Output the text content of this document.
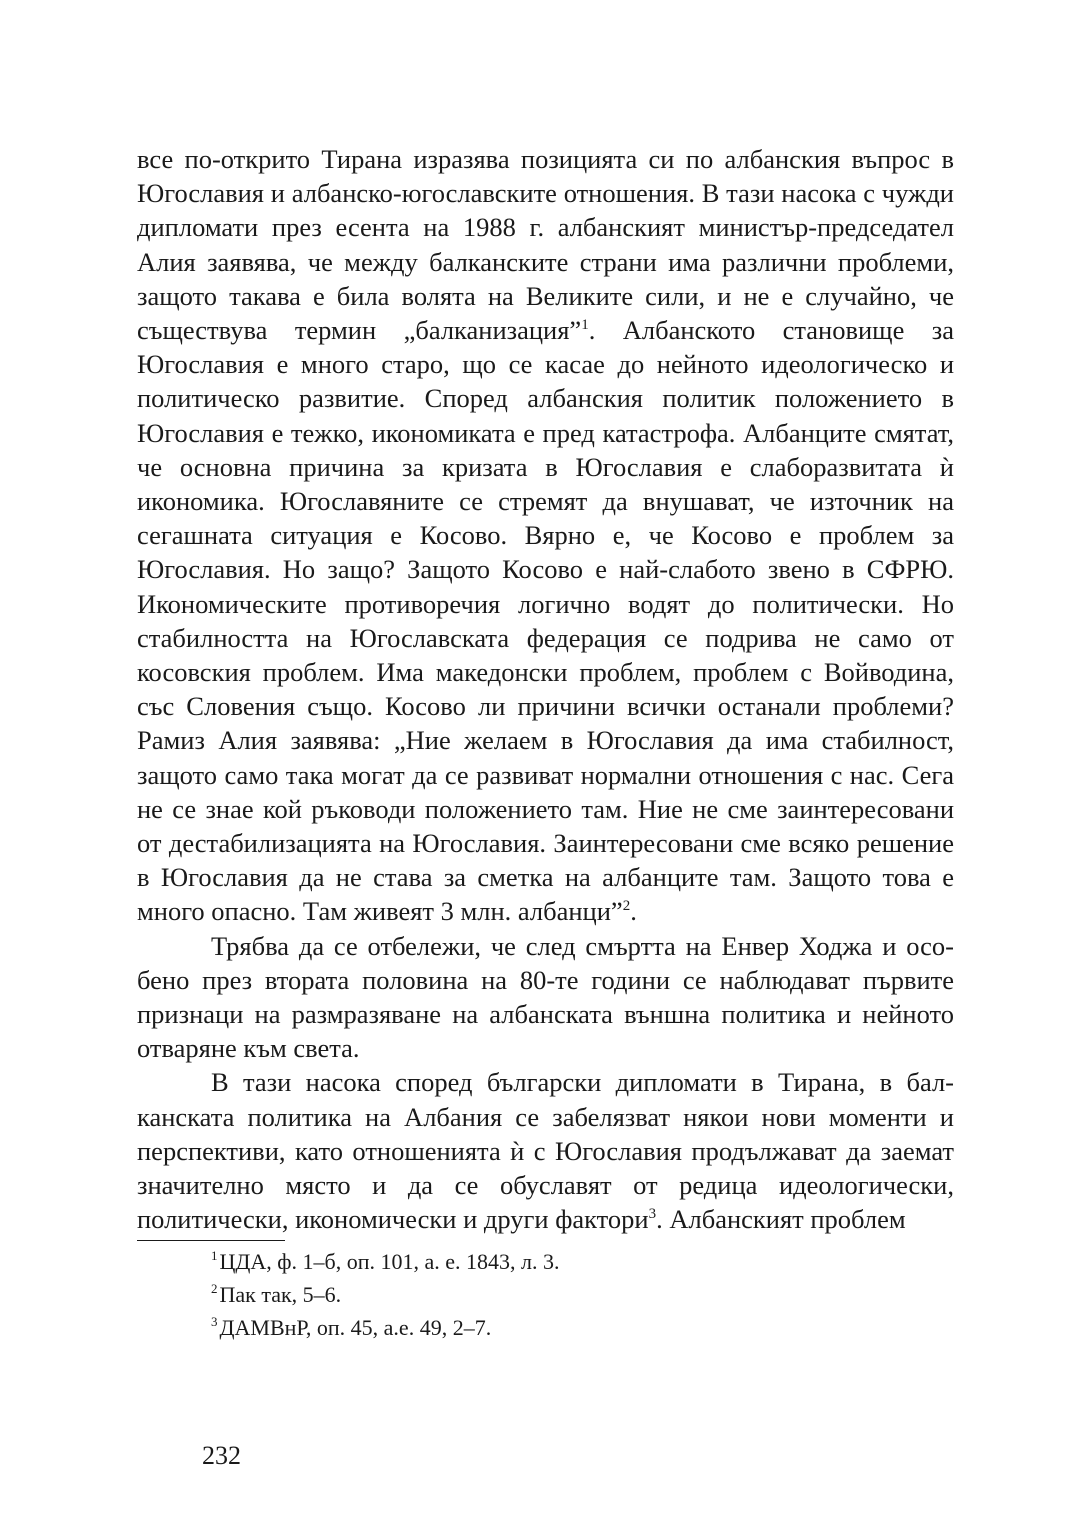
все по-открито Тирана изразява позицията си по албанския въпрос в Югославия и албанско-югославските отношения. В тази насока с чужди дипломати през есента на 1988 г. албанският министър-председател Алия заявява, че между балканските страни има различни проблеми, защото такава е била волята на Великите сили, и не е случайно, че съществува термин „балканизация”$^1$. Албанското становище за Югославия е много старо, що се касае до нейното идеологическо и политическо развитие. Според албанския политик положението в Югославия е тежко, икономиката е пред катастрофа. Албанците смятат, че основна причина за кризата в Югославия е слаборазвитата ѝ икономика. Югославяните се стремят да внушават, че източник на сегашната ситуация е Косово. Вярно е, че Косово е проблем за Югославия. Но защо? Защото Косово е най-слабото звено в СФРЮ. Икономическите противоречия логично водят до политически. Но стабилността на Югославската федерация се подрива не само от косовския проблем. Има македонски проблем, проблем с Войводина, със Словения също. Косово ли причини всички останали проблеми? Рамиз Алия заявява: „Ние желаем в Югославия да има стабилност, защото само така могат да се развиват нормални отношения с нас. Сега не се знае кой ръководи положението там. Ние не сме заинтересовани от дестабилизацията на Югославия. Заинтересовани сме всяко решение в Югославия да не става за сметка на албанците там. Защото това е много опасно. Там живеят 3 млн. албанци”$^2$.

Трябва да се отбележи, че след смъртта на Енвер Ходжа и особено през втората половина на 80-те години се наблюдават първите признаци на размразяване на албанската външна политика и нейното отваряне към света.

В тази насока според български дипломати в Тирана, в балканската политика на Албания се забелязват някои нови моменти и перспективи, като отношенията ѝ с Югославия продължават да заемат значително място и да се обуславят от редица идеологически, политически, икономически и други фактори$^3$. Албанският проблем

$^1$ЦДА, ф. 1–б, оп. 101, а. е. 1843, л. 3.

$^2$Пак так, 5–6.

$^3$ДАМВнР, оп. 45, а.е. 49, 2–7.

232
